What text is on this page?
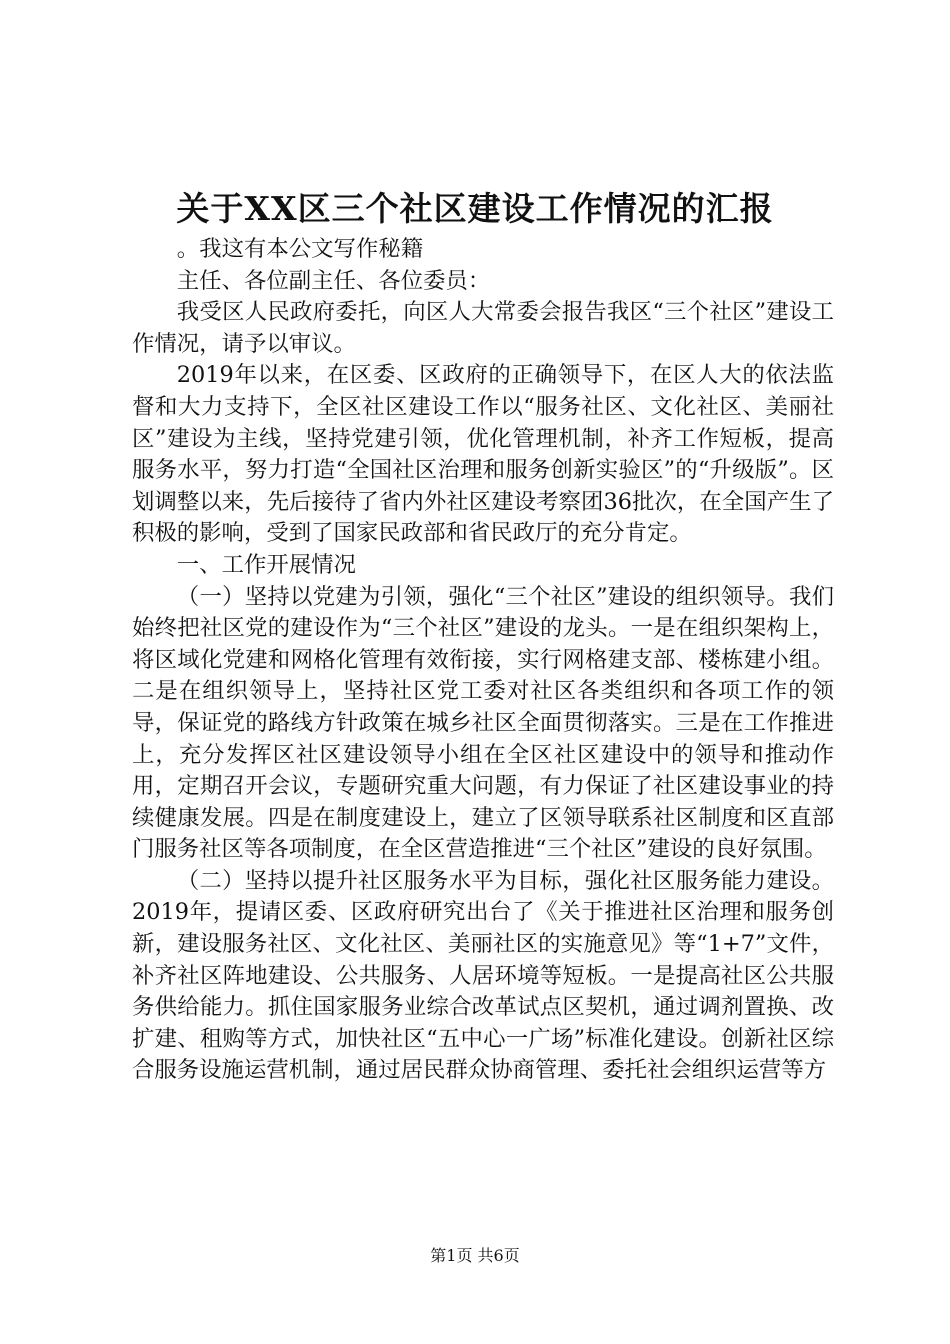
关于XX区三个社区建设工作情况的汇报

。我这有本公文写作秘籍

主任、各位副主任、各位委员：

我受区人民政府委托，向区人大常委会报告我区“三个社区”建设工作情况，请予以审议。

2019年以来，在区委、区政府的正确领导下，在区人大的依法监督和大力支持下，全区社区建设工作以“服务社区、文化社区、美丽社区”建设为主线，坚持党建引领，优化管理机制，补齐工作短板，提高服务水平，努力打造“全国社区治理和服务创新实验区”的“升级版”。区划调整以来，先后接待了省内外社区建设考察团36批次，在全国产生了积极的影响，受到了国家民政部和省民政厅的充分肯定。

一、工作开展情况

（一）坚持以党建为引领，强化“三个社区”建设的组织领导。我们始终把社区党的建设作为“三个社区”建设的龙头。一是在组织架构上，将区域化党建和网格化管理有效衔接，实行网格建支部、楼栋建小组。二是在组织领导上，坚持社区党工委对社区各类组织和各项工作的领导，保证党的路线方针政策在城乡社区全面贯彻落实。三是在工作推进上，充分发挥区社区建设领导小组在全区社区建设中的领导和推动作用，定期召开会议，专题研究重大问题，有力保证了社区建设事业的持续健康发展。四是在制度建设上，建立了区领导联系社区制度和区直部门服务社区等各项制度，在全区营造推进“三个社区”建设的良好氛围。

（二）坚持以提升社区服务水平为目标，强化社区服务能力建设。2019年，提请区委、区政府研究出台了《关于推进社区治理和服务创新，建设服务社区、文化社区、美丽社区的实施意见》等“1+7”文件，补齐社区阵地建设、公共服务、人居环境等短板。一是提高社区公共服务供给能力。抓住国家服务业综合改革试点区契机，通过调剂置换、改扩建、租购等方式，加快社区“五中心一广场”标准化建设。创新社区综合服务设施运营机制，通过居民群众协商管理、委托社会组织运营等方

第1页 共6页
